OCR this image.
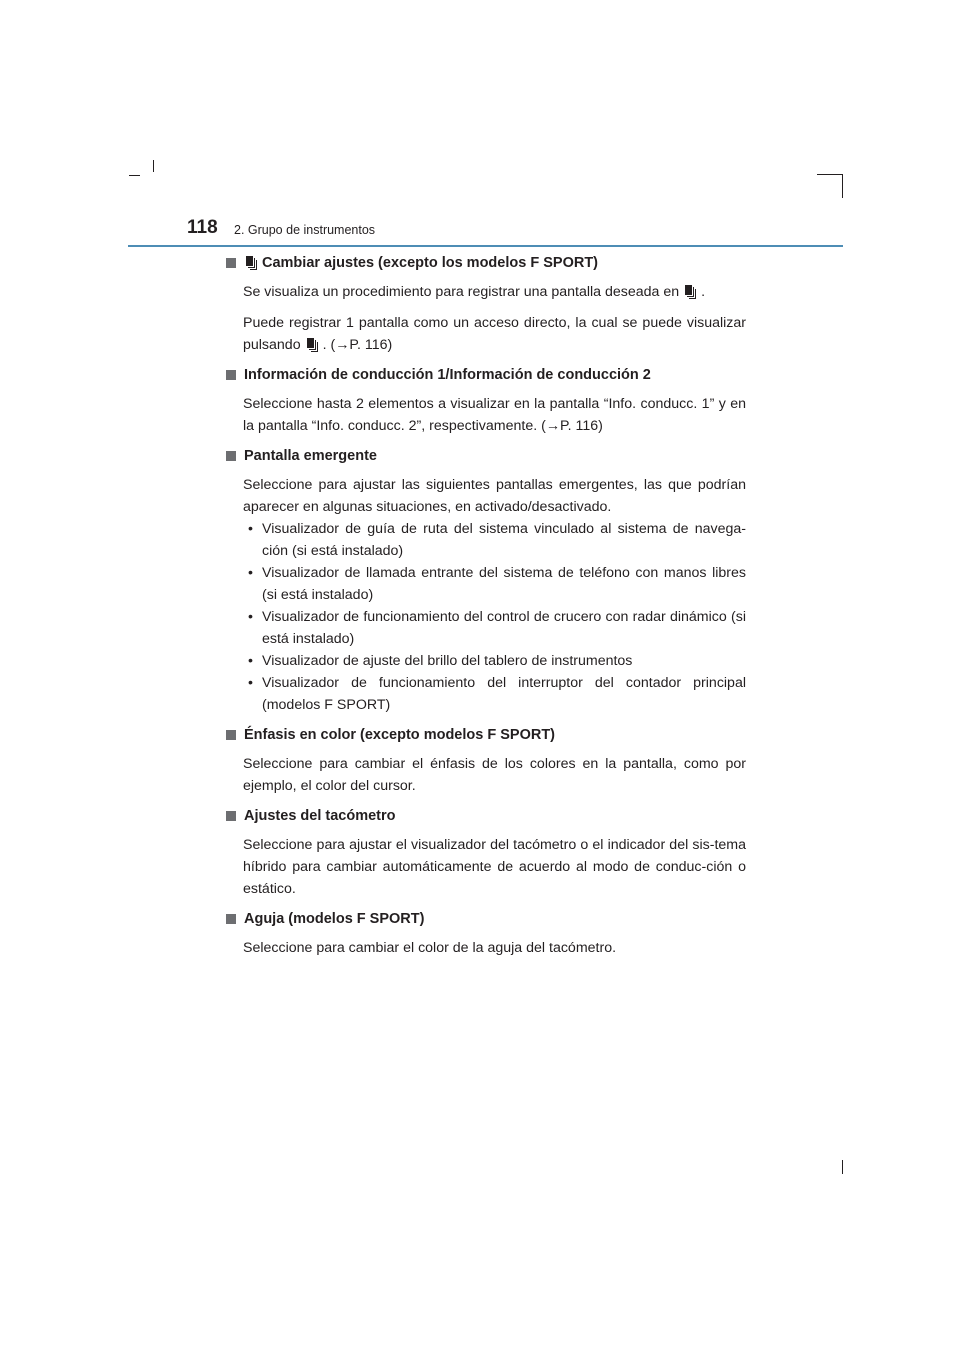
118 2. Grupo de instrumentos
Cambiar ajustes (excepto los modelos F SPORT)

Se visualiza un procedimiento para registrar una pantalla deseada en .

Puede registrar 1 pantalla como un acceso directo, la cual se puede visualizar pulsando . (→P. 116)

Información de conducción 1/Información de conducción 2

Seleccione hasta 2 elementos a visualizar en la pantalla “Info. conducc. 1” y en la pantalla “Info. conducc. 2”, respectivamente. (→P. 116)

Pantalla emergente

Seleccione para ajustar las siguientes pantallas emergentes, las que podrían aparecer en algunas situaciones, en activado/desactivado.

• Visualizador de guía de ruta del sistema vinculado al sistema de navega-ción (si está instalado)
• Visualizador de llamada entrante del sistema de teléfono con manos libres (si está instalado)
• Visualizador de funcionamiento del control de crucero con radar dinámico (si está instalado)
• Visualizador de ajuste del brillo del tablero de instrumentos
• Visualizador de funcionamiento del interruptor del contador principal (modelos F SPORT)
Énfasis en color (excepto modelos F SPORT)

Seleccione para cambiar el énfasis de los colores en la pantalla, como por ejemplo, el color del cursor.

Ajustes del tacómetro

Seleccione para ajustar el visualizador del tacómetro o el indicador del sis-tema híbrido para cambiar automáticamente de acuerdo al modo de conduc-ción o estático.

Aguja (modelos F SPORT)

Seleccione para cambiar el color de la aguja del tacómetro.
